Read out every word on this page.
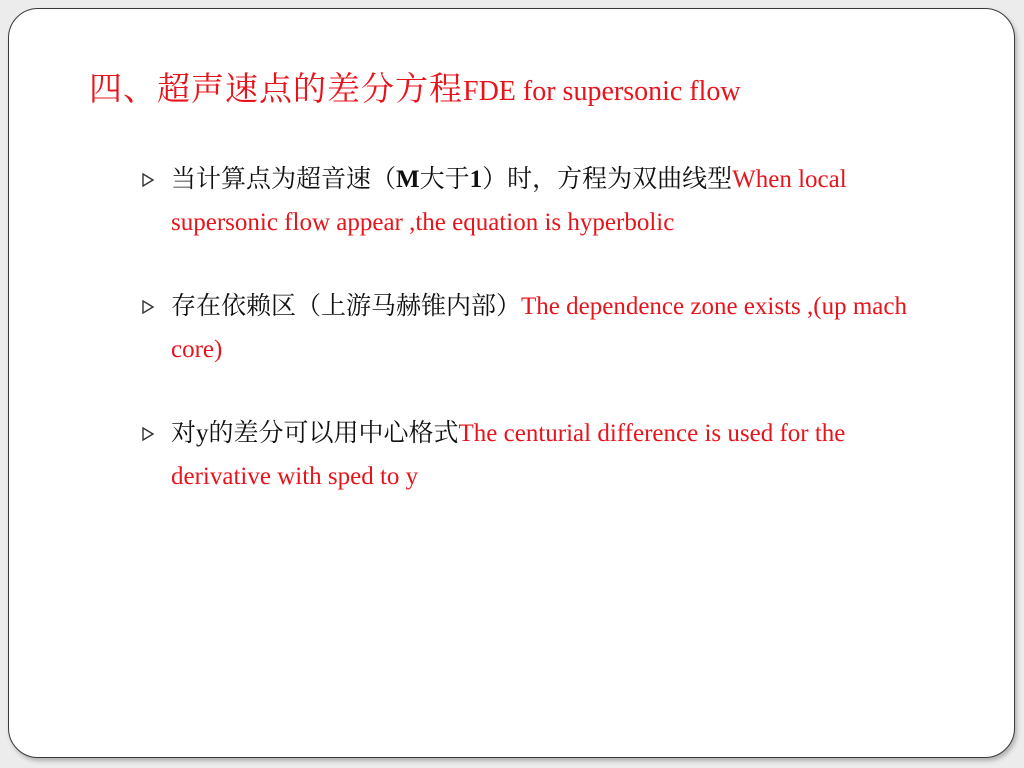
四、超声速点的差分方程FDE for supersonic flow
当计算点为超音速（M大于1）时，方程为双曲线型When local supersonic flow appear ,the equation is hyperbolic
存在依赖区（上游马赫锥内部）The dependence zone exists ,(up mach core)
对y的差分可以用中心格式The centurial difference is used for the derivative with sped to y
